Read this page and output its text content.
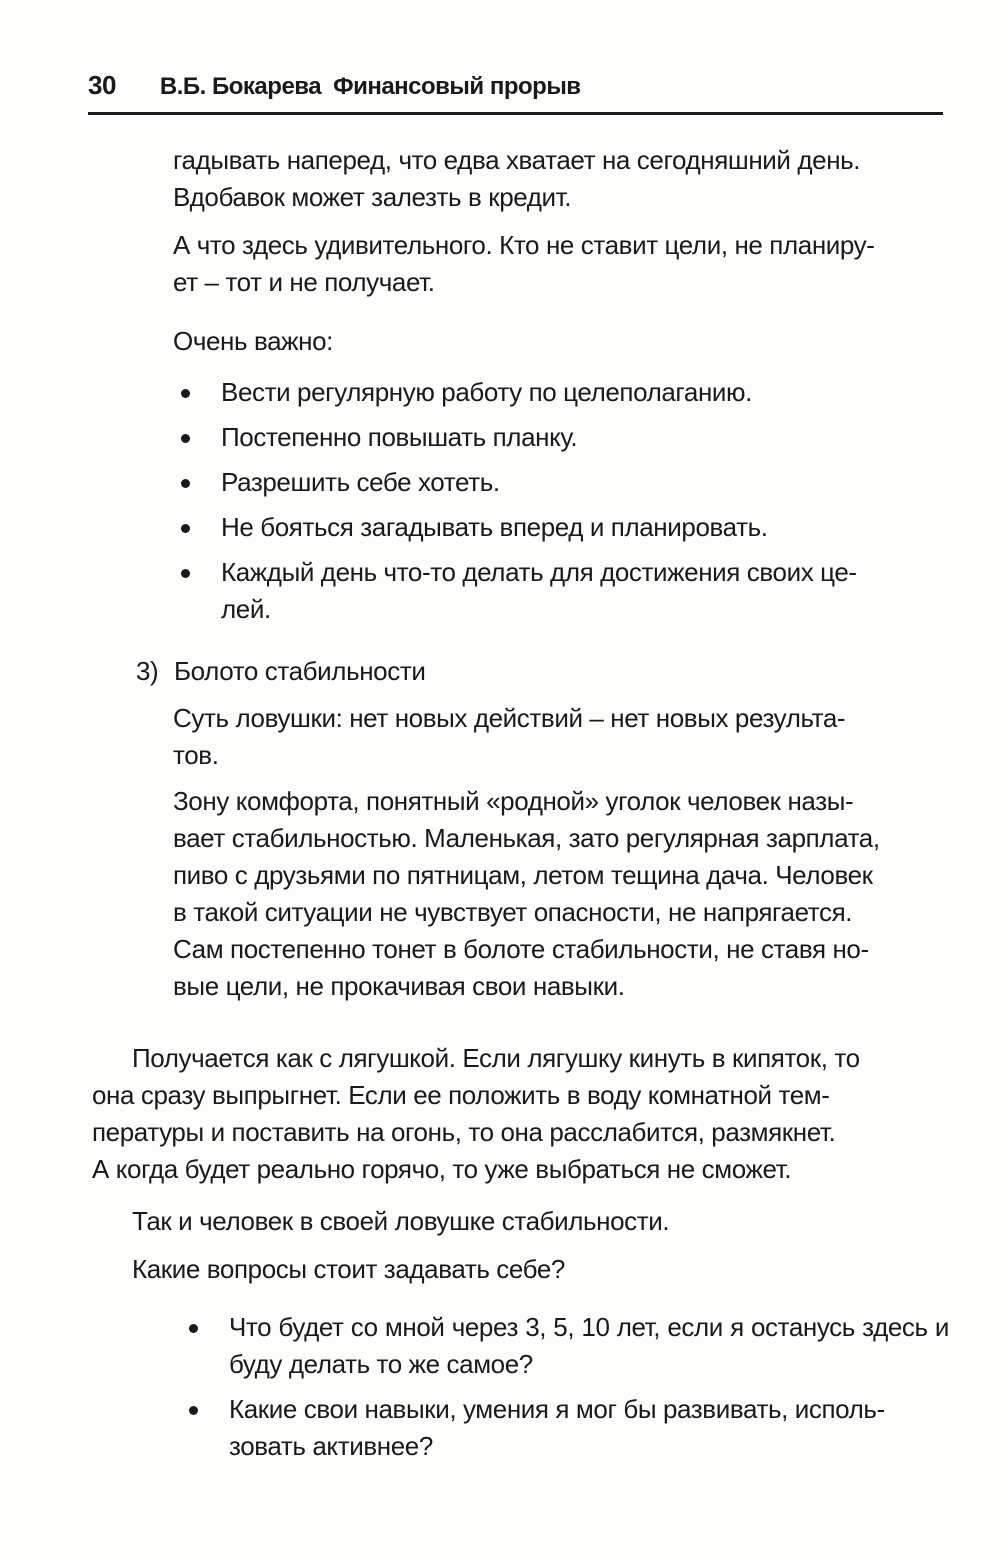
30 В.Б. Бокарева Финансовый прорыв

гадывать наперед, что едва хватает на сегодняшний день.

Вдобавок может залезть в кредит.

А что здесь удивительного. Кто не ставит цели, не планиру-

ет – тот и не получает.

Очень важно:

Вести регулярную работу по целеполаганию.
Постепенно повышать планку.
Разрешить себе хотеть.
Не бояться загадывать вперед и планировать.
Каждый день что-то делать для достижения своих це-
лей.
3) Болото стабильности

Суть ловушки: нет новых действий – нет новых результа-

тов.

Зону комфорта, понятный «родной» уголок человек назы-

вает стабильностью. Маленькая, зато регулярная зарплата,

пиво с друзьями по пятницам, летом тещина дача. Человек

в такой ситуации не чувствует опасности, не напрягается.

Сам постепенно тонет в болоте стабильности, не ставя но-

вые цели, не прокачивая свои навыки.

Получается как с лягушкой. Если лягушку кинуть в кипяток, то

она сразу выпрыгнет. Если ее положить в воду комнатной тем-

пературы и поставить на огонь, то она расслабится, размякнет.

А когда будет реально горячо, то уже выбраться не сможет.

Так и человек в своей ловушке стабильности.

Какие вопросы стоит задавать себе?

Что будет со мной через 3, 5, 10 лет, если я останусь здесь и буду делать то же самое?
Какие свои навыки, умения я мог бы развивать, исполь-
зовать активнее?
